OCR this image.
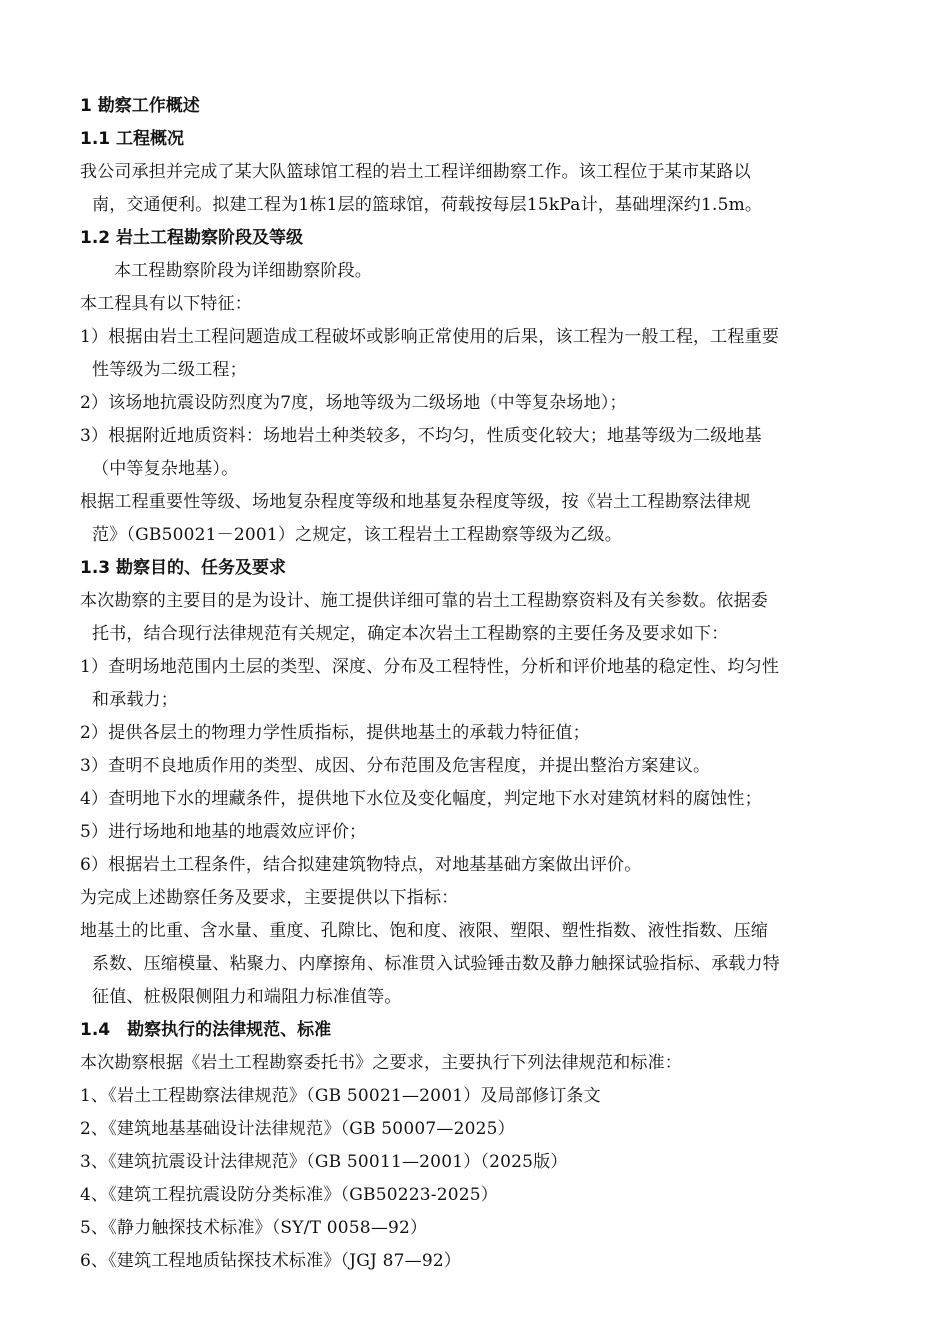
1 勘察工作概述
1.1 工程概况
我公司承担并完成了某大队篮球馆工程的岩土工程详细勘察工作。该工程位于某市某路以
南，交通便利。拟建工程为1栋1层的篮球馆，荷载按每层15kPa计，基础埋深约1.5m。
1.2 岩土工程勘察阶段及等级
本工程勘察阶段为详细勘察阶段。
本工程具有以下特征：
1）根据由岩土工程问题造成工程破坏或影响正常使用的后果，该工程为一般工程，工程重要
性等级为二级工程；
2）该场地抗震设防烈度为7度，场地等级为二级场地（中等复杂场地）；
3）根据附近地质资料：场地岩土种类较多，不均匀，性质变化较大；地基等级为二级地基
（中等复杂地基）。
根据工程重要性等级、场地复杂程度等级和地基复杂程度等级，按《岩土工程勘察法律规
范》（GB50021－2001）之规定，该工程岩土工程勘察等级为乙级。
1.3 勘察目的、任务及要求
本次勘察的主要目的是为设计、施工提供详细可靠的岩土工程勘察资料及有关参数。依据委
托书，结合现行法律规范有关规定，确定本次岩土工程勘察的主要任务及要求如下：
1）查明场地范围内土层的类型、深度、分布及工程特性，分析和评价地基的稳定性、均匀性
和承载力；
2）提供各层土的物理力学性质指标，提供地基土的承载力特征值；
3）查明不良地质作用的类型、成因、分布范围及危害程度，并提出整治方案建议。
4）查明地下水的埋藏条件，提供地下水位及变化幅度，判定地下水对建筑材料的腐蚀性；
5）进行场地和地基的地震效应评价；
6）根据岩土工程条件，结合拟建建筑物特点，对地基基础方案做出评价。
为完成上述勘察任务及要求，主要提供以下指标：
地基土的比重、含水量、重度、孔隙比、饱和度、液限、塑限、塑性指数、液性指数、压缩
系数、压缩模量、粘聚力、内摩擦角、标准贯入试验锤击数及静力触探试验指标、承载力特
征值、桩极限侧阻力和端阻力标准值等。
1.4　勘察执行的法律规范、标准
本次勘察根据《岩土工程勘察委托书》之要求，主要执行下列法律规范和标准：
1、《岩土工程勘察法律规范》（GB 50021—2001）及局部修订条文
2、《建筑地基基础设计法律规范》（GB 50007—2025）
3、《建筑抗震设计法律规范》（GB 50011—2001）（2025版）
4、《建筑工程抗震设防分类标准》（GB50223-2025）
5、《静力触探技术标准》（SY/T 0058—92）
6、《建筑工程地质钻探技术标准》（JGJ 87—92）
